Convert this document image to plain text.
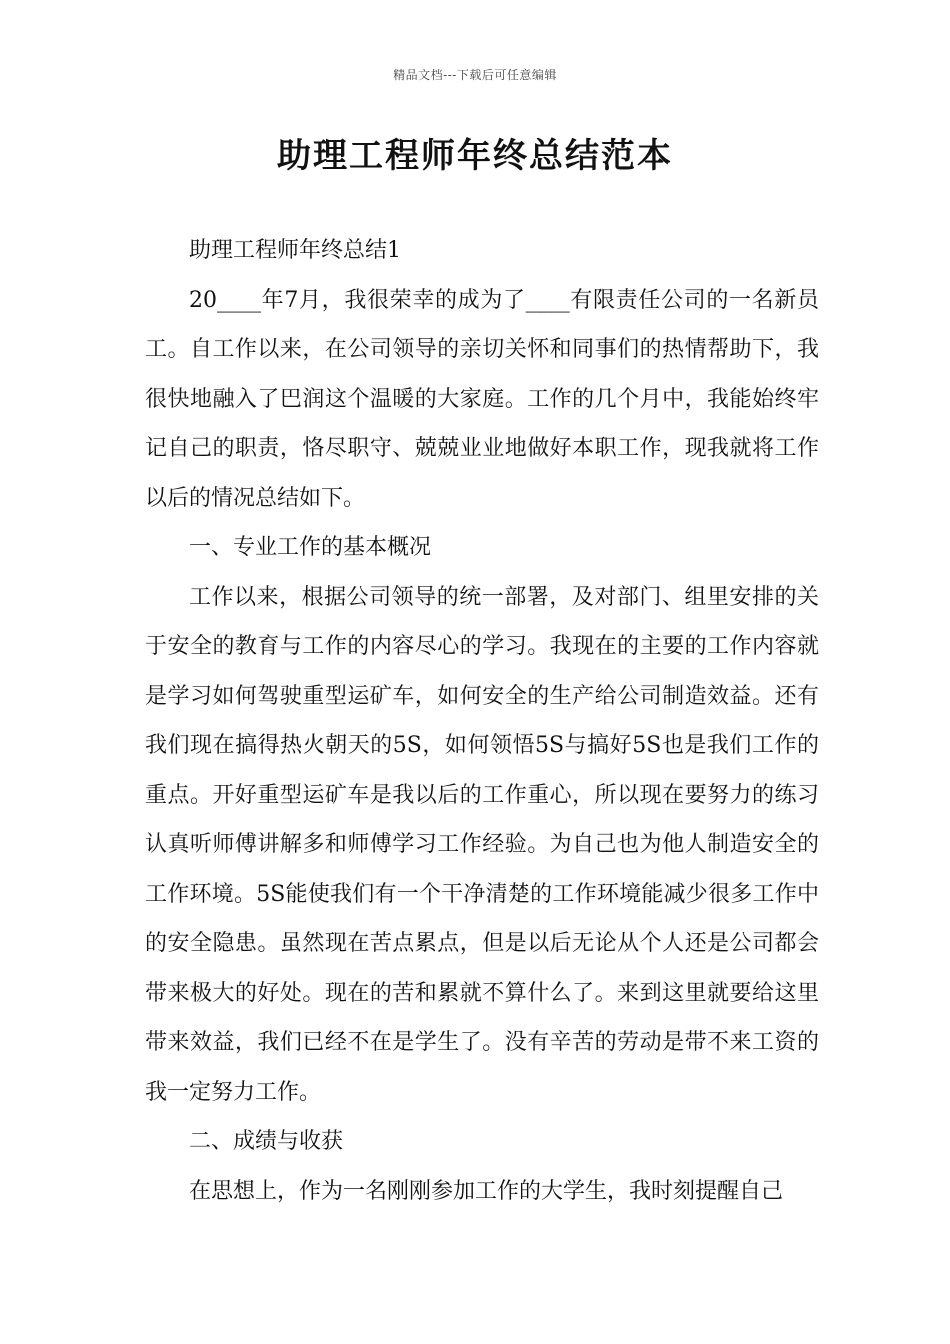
精品文档---下载后可任意编辑
助理工程师年终总结范本

助理工程师年终总结1

20____年7月，我很荣幸的成为了____有限责任公司的一名新员工。自工作以来，在公司领导的亲切关怀和同事们的热情帮助下，我很快地融入了巴润这个温暖的大家庭。工作的几个月中，我能始终牢记自己的职责，恪尽职守、兢兢业业地做好本职工作，现我就将工作以后的情况总结如下。

一、专业工作的基本概况

工作以来，根据公司领导的统一部署，及对部门、组里安排的关于安全的教育与工作的内容尽心的学习。我现在的主要的工作内容就是学习如何驾驶重型运矿车，如何安全的生产给公司制造效益。还有我们现在搞得热火朝天的5S，如何领悟5S与搞好5S也是我们工作的重点。开好重型运矿车是我以后的工作重心，所以现在要努力的练习认真听师傅讲解多和师傅学习工作经验。为自己也为他人制造安全的工作环境。5S能使我们有一个干净清楚的工作环境能减少很多工作中的安全隐患。虽然现在苦点累点，但是以后无论从个人还是公司都会带来极大的好处。现在的苦和累就不算什么了。来到这里就要给这里带来效益，我们已经不在是学生了。没有辛苦的劳动是带不来工资的我一定努力工作。

二、成绩与收获

在思想上，作为一名刚刚参加工作的大学生，我时刻提醒自己
